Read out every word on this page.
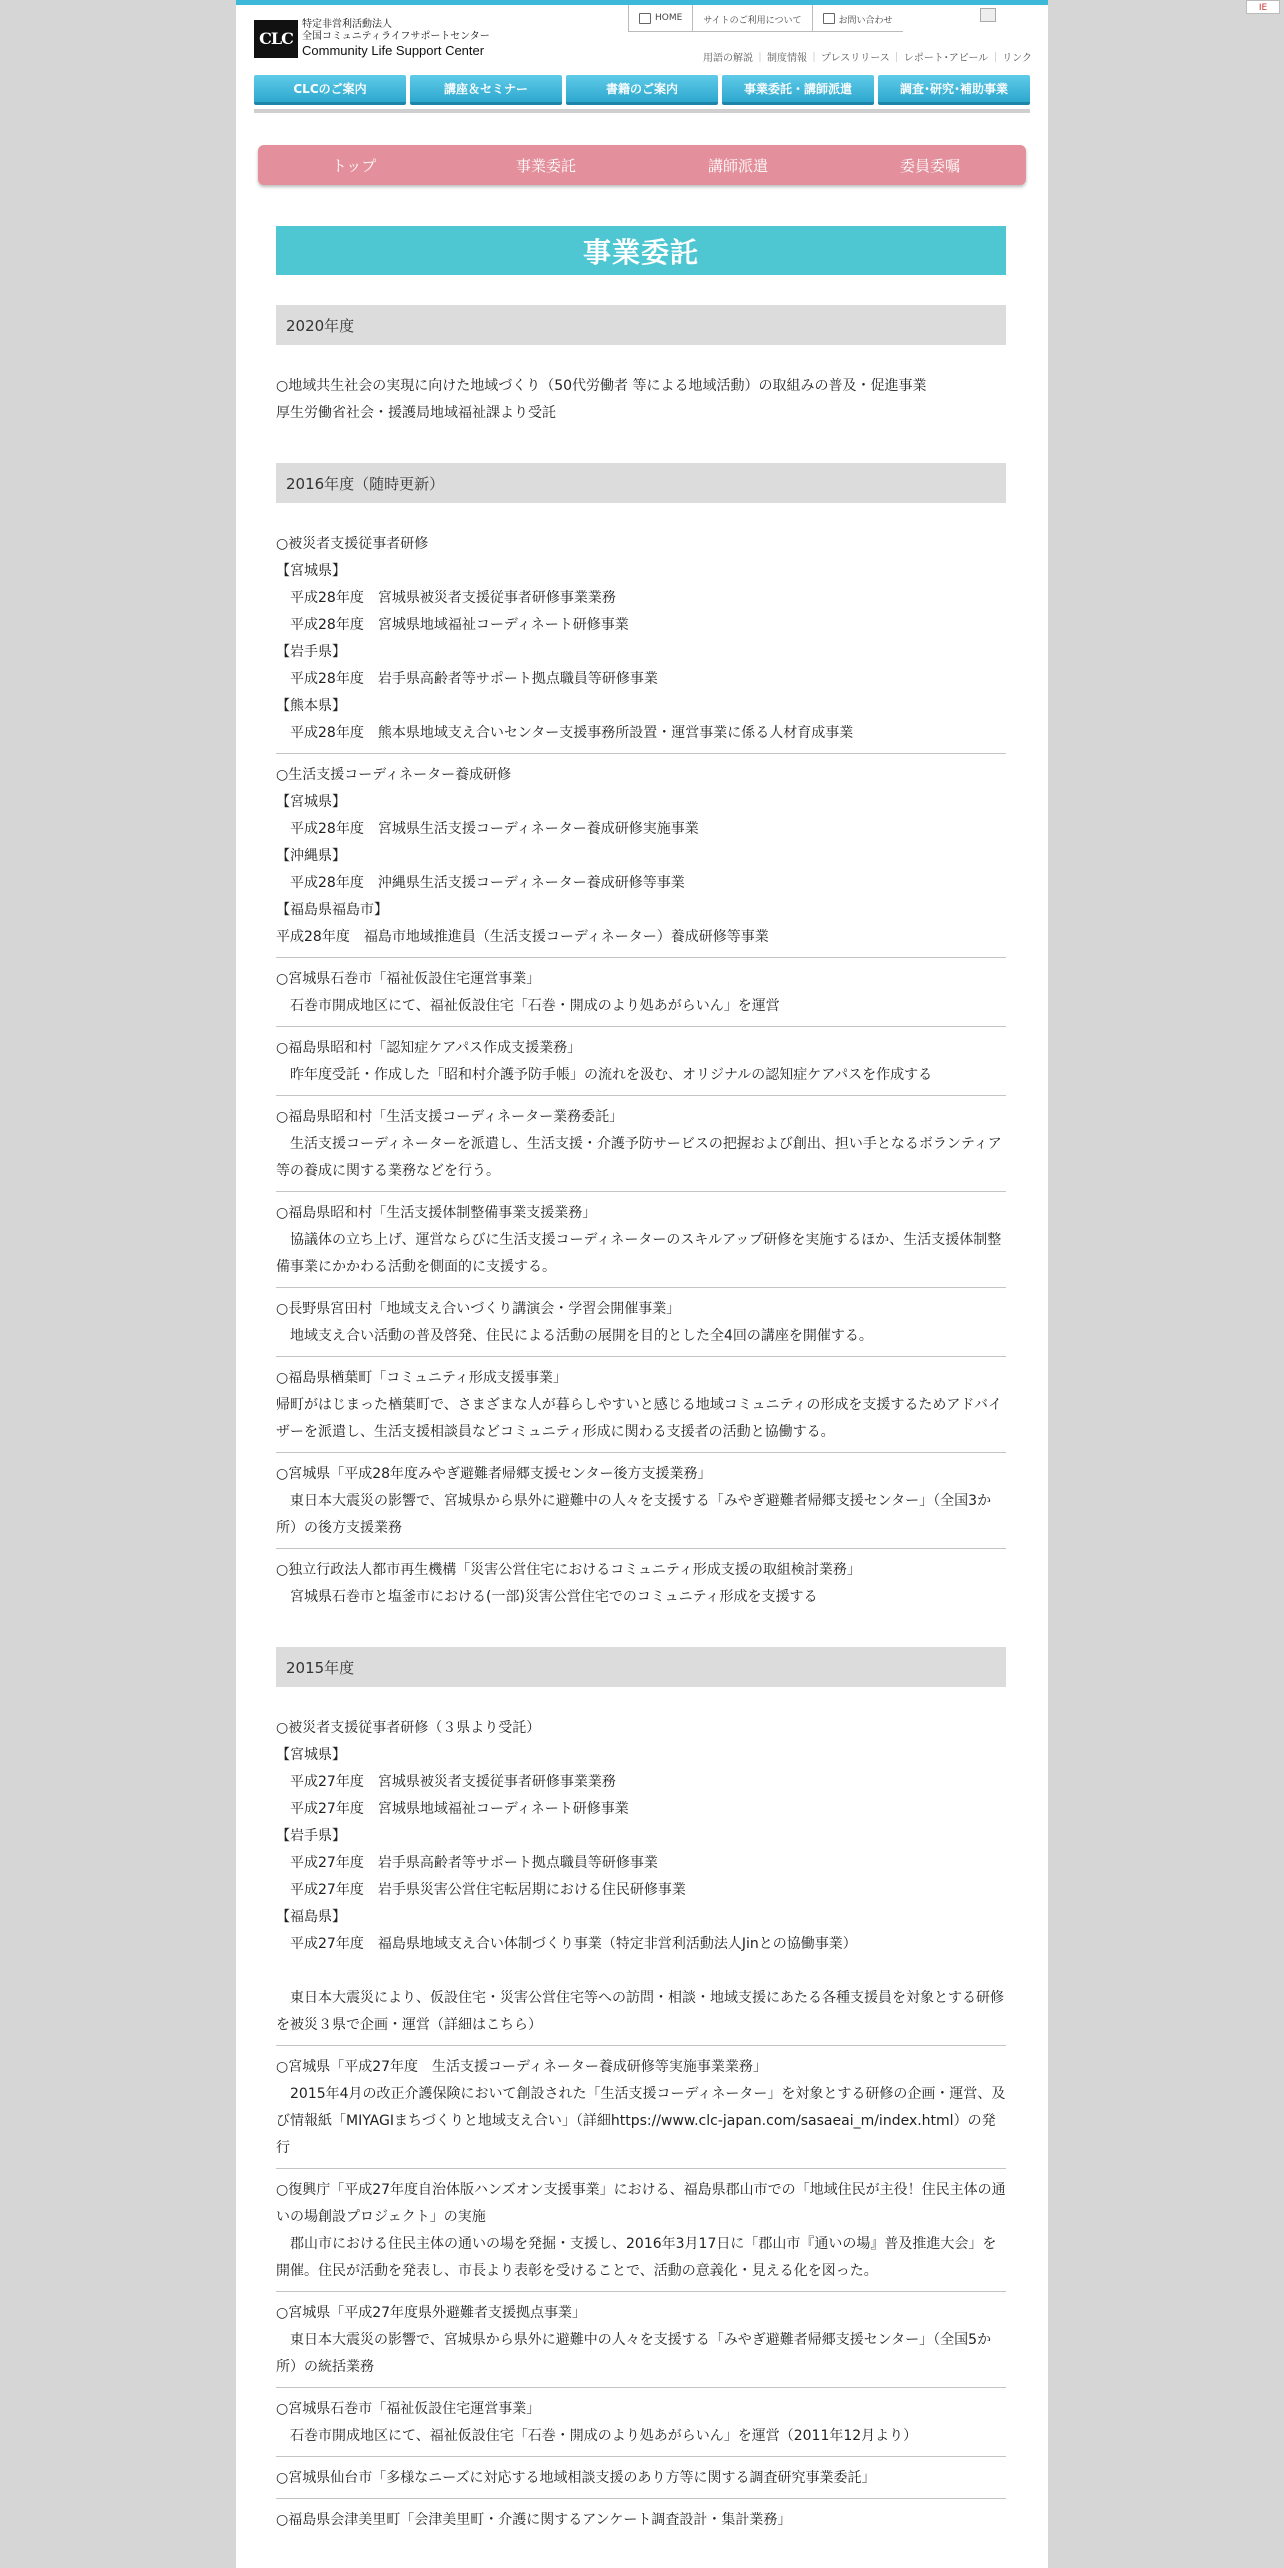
IE
CLC
特定非営利活動法人
全国コミュニティライフサポートセンター
Community Life Support Center
HOME サイトのご利用について	お問い合わせ
用語の解説 ｜ 制度情報 ｜ プレスリリース ｜ レポート･アピール ｜ リンク
CLCのご案内	講座＆セミナー	書籍のご案内	事業委託・講師派遣	調査･研究･補助事業
トップ	事業委託	講師派遣	委員委嘱
事業委託
2020年度
○地域共生社会の実現に向けた地域づくり（50代労働者 等による地域活動）の取組みの普及・促進事業
厚生労働省社会・援護局地域福祉課より受託
2016年度（随時更新）
○被災者支援従事者研修
【宮城県】
　平成28年度　宮城県被災者支援従事者研修事業業務
　平成28年度　宮城県地域福祉コーディネート研修事業
【岩手県】
　平成28年度　岩手県高齢者等サポート拠点職員等研修事業
【熊本県】
　平成28年度　熊本県地域支え合いセンター支援事務所設置・運営事業に係る人材育成事業
○生活支援コーディネーター養成研修
【宮城県】
　平成28年度　宮城県生活支援コーディネーター養成研修実施事業
【沖縄県】
　平成28年度　沖縄県生活支援コーディネーター養成研修等事業
【福島県福島市】
平成28年度　福島市地域推進員（生活支援コーディネーター）養成研修等事業
○宮城県石巻市「福祉仮設住宅運営事業」
　石巻市開成地区にて、福祉仮設住宅「石巻・開成のより処あがらいん」を運営
○福島県昭和村「認知症ケアパス作成支援業務」
　昨年度受託・作成した「昭和村介護予防手帳」の流れを汲む、オリジナルの認知症ケアパスを作成する
○福島県昭和村「生活支援コーディネーター業務委託」
　生活支援コーディネーターを派遣し、生活支援・介護予防サービスの把握および創出、担い手となるボランティア等の養成に関する業務などを行う。
○福島県昭和村「生活支援体制整備事業支援業務」
　協議体の立ち上げ、運営ならびに生活支援コーディネーターのスキルアップ研修を実施するほか、生活支援体制整備事業にかかわる活動を側面的に支援する。
○長野県宮田村「地域支え合いづくり講演会・学習会開催事業」
　地域支え合い活動の普及啓発、住民による活動の展開を目的とした全4回の講座を開催する。
○福島県楢葉町「コミュニティ形成支援事業」
帰町がはじまった楢葉町で、さまざまな人が暮らしやすいと感じる地域コミュニティの形成を支援するためアドバイザーを派遣し、生活支援相談員などコミュニティ形成に関わる支援者の活動と協働する。
○宮城県「平成28年度みやぎ避難者帰郷支援センター後方支援業務」
　東日本大震災の影響で、宮城県から県外に避難中の人々を支援する「みやぎ避難者帰郷支援センター」（全国3か所）の後方支援業務
○独立行政法人都市再生機構「災害公営住宅におけるコミュニティ形成支援の取組検討業務」
　宮城県石巻市と塩釜市における(一部)災害公営住宅でのコミュニティ形成を支援する
2015年度
○被災者支援従事者研修（３県より受託）
【宮城県】
　平成27年度　宮城県被災者支援従事者研修事業業務
　平成27年度　宮城県地域福祉コーディネート研修事業
【岩手県】
　平成27年度　岩手県高齢者等サポート拠点職員等研修事業
　平成27年度　岩手県災害公営住宅転居期における住民研修事業
【福島県】
　平成27年度　福島県地域支え合い体制づくり事業（特定非営利活動法人Jinとの協働事業）

　東日本大震災により、仮設住宅・災害公営住宅等への訪問・相談・地域支援にあたる各種支援員を対象とする研修を被災３県で企画・運営（詳細はこちら）
○宮城県「平成27年度　生活支援コーディネーター養成研修等実施事業業務」
　2015年4月の改正介護保険において創設された「生活支援コーディネーター」を対象とする研修の企画・運営、及び情報紙「MIYAGIまちづくりと地域支え合い」（詳細https://www.clc-japan.com/sasaeai_m/index.html）の発行
○復興庁「平成27年度自治体版ハンズオン支援事業」における、福島県郡山市での「地域住民が主役！住民主体の通いの場創設プロジェクト」の実施
　郡山市における住民主体の通いの場を発掘・支援し、2016年3月17日に「郡山市『通いの場』普及推進大会」を開催。住民が活動を発表し、市長より表彰を受けることで、活動の意義化・見える化を図った。
○宮城県「平成27年度県外避難者支援拠点事業」
　東日本大震災の影響で、宮城県から県外に避難中の人々を支援する「みやぎ避難者帰郷支援センター」（全国5か所）の統括業務
○宮城県石巻市「福祉仮設住宅運営事業」
　石巻市開成地区にて、福祉仮設住宅「石巻・開成のより処あがらいん」を運営（2011年12月より）
○宮城県仙台市「多様なニーズに対応する地域相談支援のあり方等に関する調査研究事業委託」
○福島県会津美里町「会津美里町・介護に関するアンケート調査設計・集計業務」
